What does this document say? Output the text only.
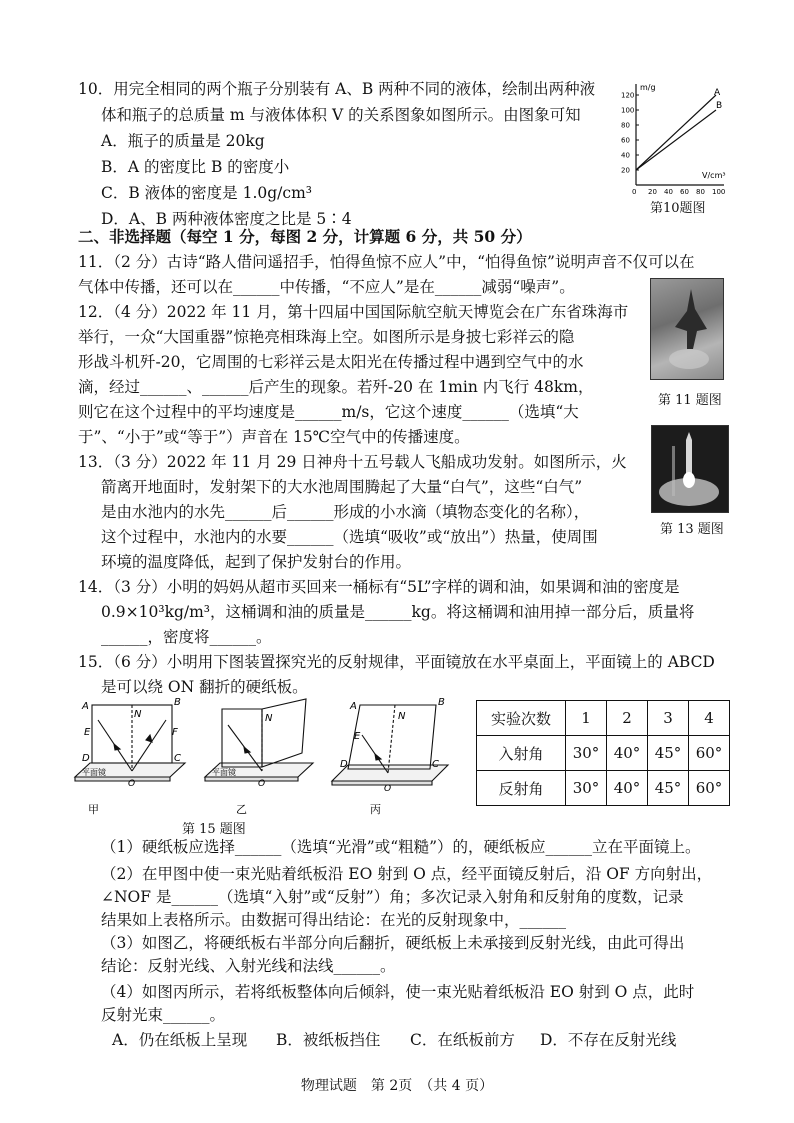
10．用完全相同的两个瓶子分别装有 A、B 两种不同的液体，绘制出两种液
体和瓶子的总质量 m 与液体体积 V 的关系图象如图所示。由图象可知
A．瓶子的质量是 20kg
B．A 的密度比 B 的密度小
C．B 液体的密度是 1.0g/cm³
D．A、B 两种液体密度之比是 5∶4
m/g
V/cm³
120
100
80
60
40
20
0 20 40 60 80 100
A
B
第10题图
二、非选择题（每空 1 分，每图 2 分，计算题 6 分，共 50 分）
11．（2 分）古诗“路人借问遥招手，怕得鱼惊不应人”中，“怕得鱼惊”说明声音不仅可以在
气体中传播，还可以在______中传播，“不应人”是在______减弱“噪声”。
12．（4 分）2022 年 11 月，第十四届中国国际航空航天博览会在广东省珠海市
举行，一众“大国重器”惊艳亮相珠海上空。如图所示是身披七彩祥云的隐
形战斗机歼-20，它周围的七彩祥云是太阳光在传播过程中遇到空气中的水
滴，经过______、______后产生的现象。若歼-20 在 1min 内飞行 48km，
则它在这个过程中的平均速度是______m/s，它这个速度______（选填“大
于”、“小于”或“等于”）声音在 15℃空气中的传播速度。
第 11 题图
13．（3 分）2022 年 11 月 29 日神舟十五号载人飞船成功发射。如图所示，火
箭离开地面时，发射架下的大水池周围腾起了大量“白气”，这些“白气”
是由水池内的水先______后______形成的小水滴（填物态变化的名称），
这个过程中，水池内的水要______（选填“吸收”或“放出”）热量，使周围
环境的温度降低，起到了保护发射台的作用。
第 13 题图
14．（3 分）小明的妈妈从超市买回来一桶标有“5L”字样的调和油，如果调和油的密度是
0.9×10³kg/m³，这桶调和油的质量是______kg。将这桶调和油用掉一部分后，质量将
______，密度将______。
15．（6 分）小明用下图装置探究光的反射规律，平面镜放在水平桌面上，平面镜上的 ABCD
是可以绕 ON 翻折的硬纸板。
A	B
N
E	F
D	C
O
平面镜
甲
N
O
平面镜
乙
A	B
N
E
D	C
O
丙
第 15 题图
实验次数	1	2	3	4
入射角	30°	40°	45°	60°
反射角	30°	40°	45°	60°
（1）硬纸板应选择______（选填“光滑”或“粗糙”）的，硬纸板应______立在平面镜上。
（2）在甲图中使一束光贴着纸板沿 EO 射到 O 点，经平面镜反射后，沿 OF 方向射出，
∠NOF 是______（选填“入射”或“反射”）角；多次记录入射角和反射角的度数，记录
结果如上表格所示。由数据可得出结论：在光的反射现象中，______
（3）如图乙，将硬纸板右半部分向后翻折，硬纸板上未承接到反射光线，由此可得出
结论：反射光线、入射光线和法线______。
（4）如图丙所示，若将纸板整体向后倾斜，使一束光贴着纸板沿 EO 射到 O 点，此时
反射光束______。
A．仍在纸板上呈现 B．被纸板挡住 C．在纸板前方 D．不存在反射光线
物理试题　第 2页　（共 4 页）
